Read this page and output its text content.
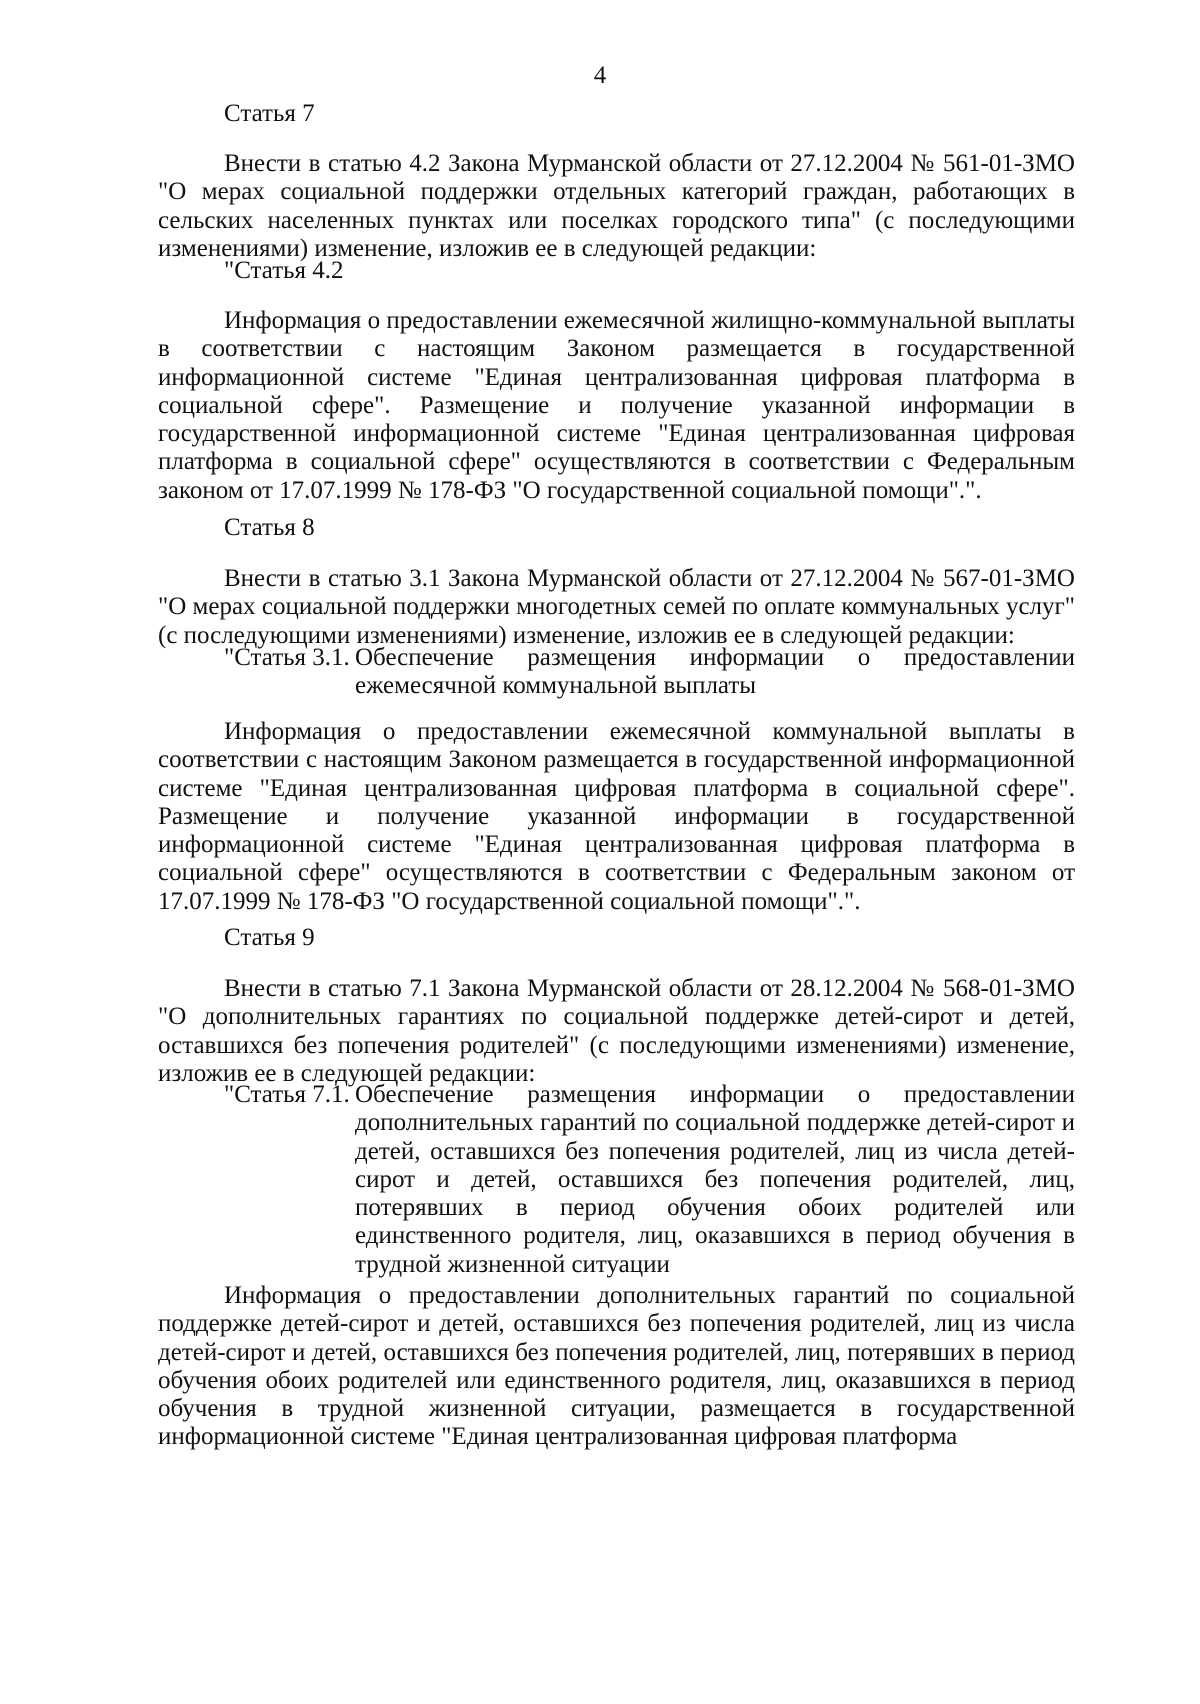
4

Статья 7

Внести в статью 4.2 Закона Мурманской области от 27.12.2004 № 561-01-ЗМО "О мерах социальной поддержки отдельных категорий граждан, работающих в сельских населенных пунктах или поселках городского типа" (с последующими изменениями) изменение, изложив ее в следующей редакции:

"Статья 4.2

Информация о предоставлении ежемесячной жилищно-коммунальной выплаты в соответствии с настоящим Законом размещается в государственной информационной системе "Единая централизованная цифровая платформа в социальной сфере". Размещение и получение указанной информации в государственной информационной системе "Единая централизованная цифровая платформа в социальной сфере" осуществляются в соответствии с Федеральным законом от 17.07.1999 № 178-ФЗ "О государственной социальной помощи".".

Статья 8

Внести в статью 3.1 Закона Мурманской области от 27.12.2004 № 567-01-ЗМО "О мерах социальной поддержки многодетных семей по оплате коммунальных услуг" (с последующими изменениями) изменение, изложив ее в следующей редакции:

"Статья 3.1. Обеспечение размещения информации о предоставлении ежемесячной коммунальной выплаты

Информация о предоставлении ежемесячной коммунальной выплаты в соответствии с настоящим Законом размещается в государственной информационной системе "Единая централизованная цифровая платформа в социальной сфере". Размещение и получение указанной информации в государственной информационной системе "Единая централизованная цифровая платформа в социальной сфере" осуществляются в соответствии с Федеральным законом от 17.07.1999 № 178-ФЗ "О государственной социальной помощи".".

Статья 9

Внести в статью 7.1 Закона Мурманской области от 28.12.2004 № 568-01-ЗМО "О дополнительных гарантиях по социальной поддержке детей-сирот и детей, оставшихся без попечения родителей" (с последующими изменениями) изменение, изложив ее в следующей редакции:

"Статья 7.1. Обеспечение размещения информации о предоставлении дополнительных гарантий по социальной поддержке детей-сирот и детей, оставшихся без попечения родителей, лиц из числа детей-сирот и детей, оставшихся без попечения родителей, лиц, потерявших в период обучения обоих родителей или единственного родителя, лиц, оказавшихся в период обучения в трудной жизненной ситуации

Информация о предоставлении дополнительных гарантий по социальной поддержке детей-сирот и детей, оставшихся без попечения родителей, лиц из числа детей-сирот и детей, оставшихся без попечения родителей, лиц, потерявших в период обучения обоих родителей или единственного родителя, лиц, оказавшихся в период обучения в трудной жизненной ситуации, размещается в государственной информационной системе "Единая централизованная цифровая платформа
